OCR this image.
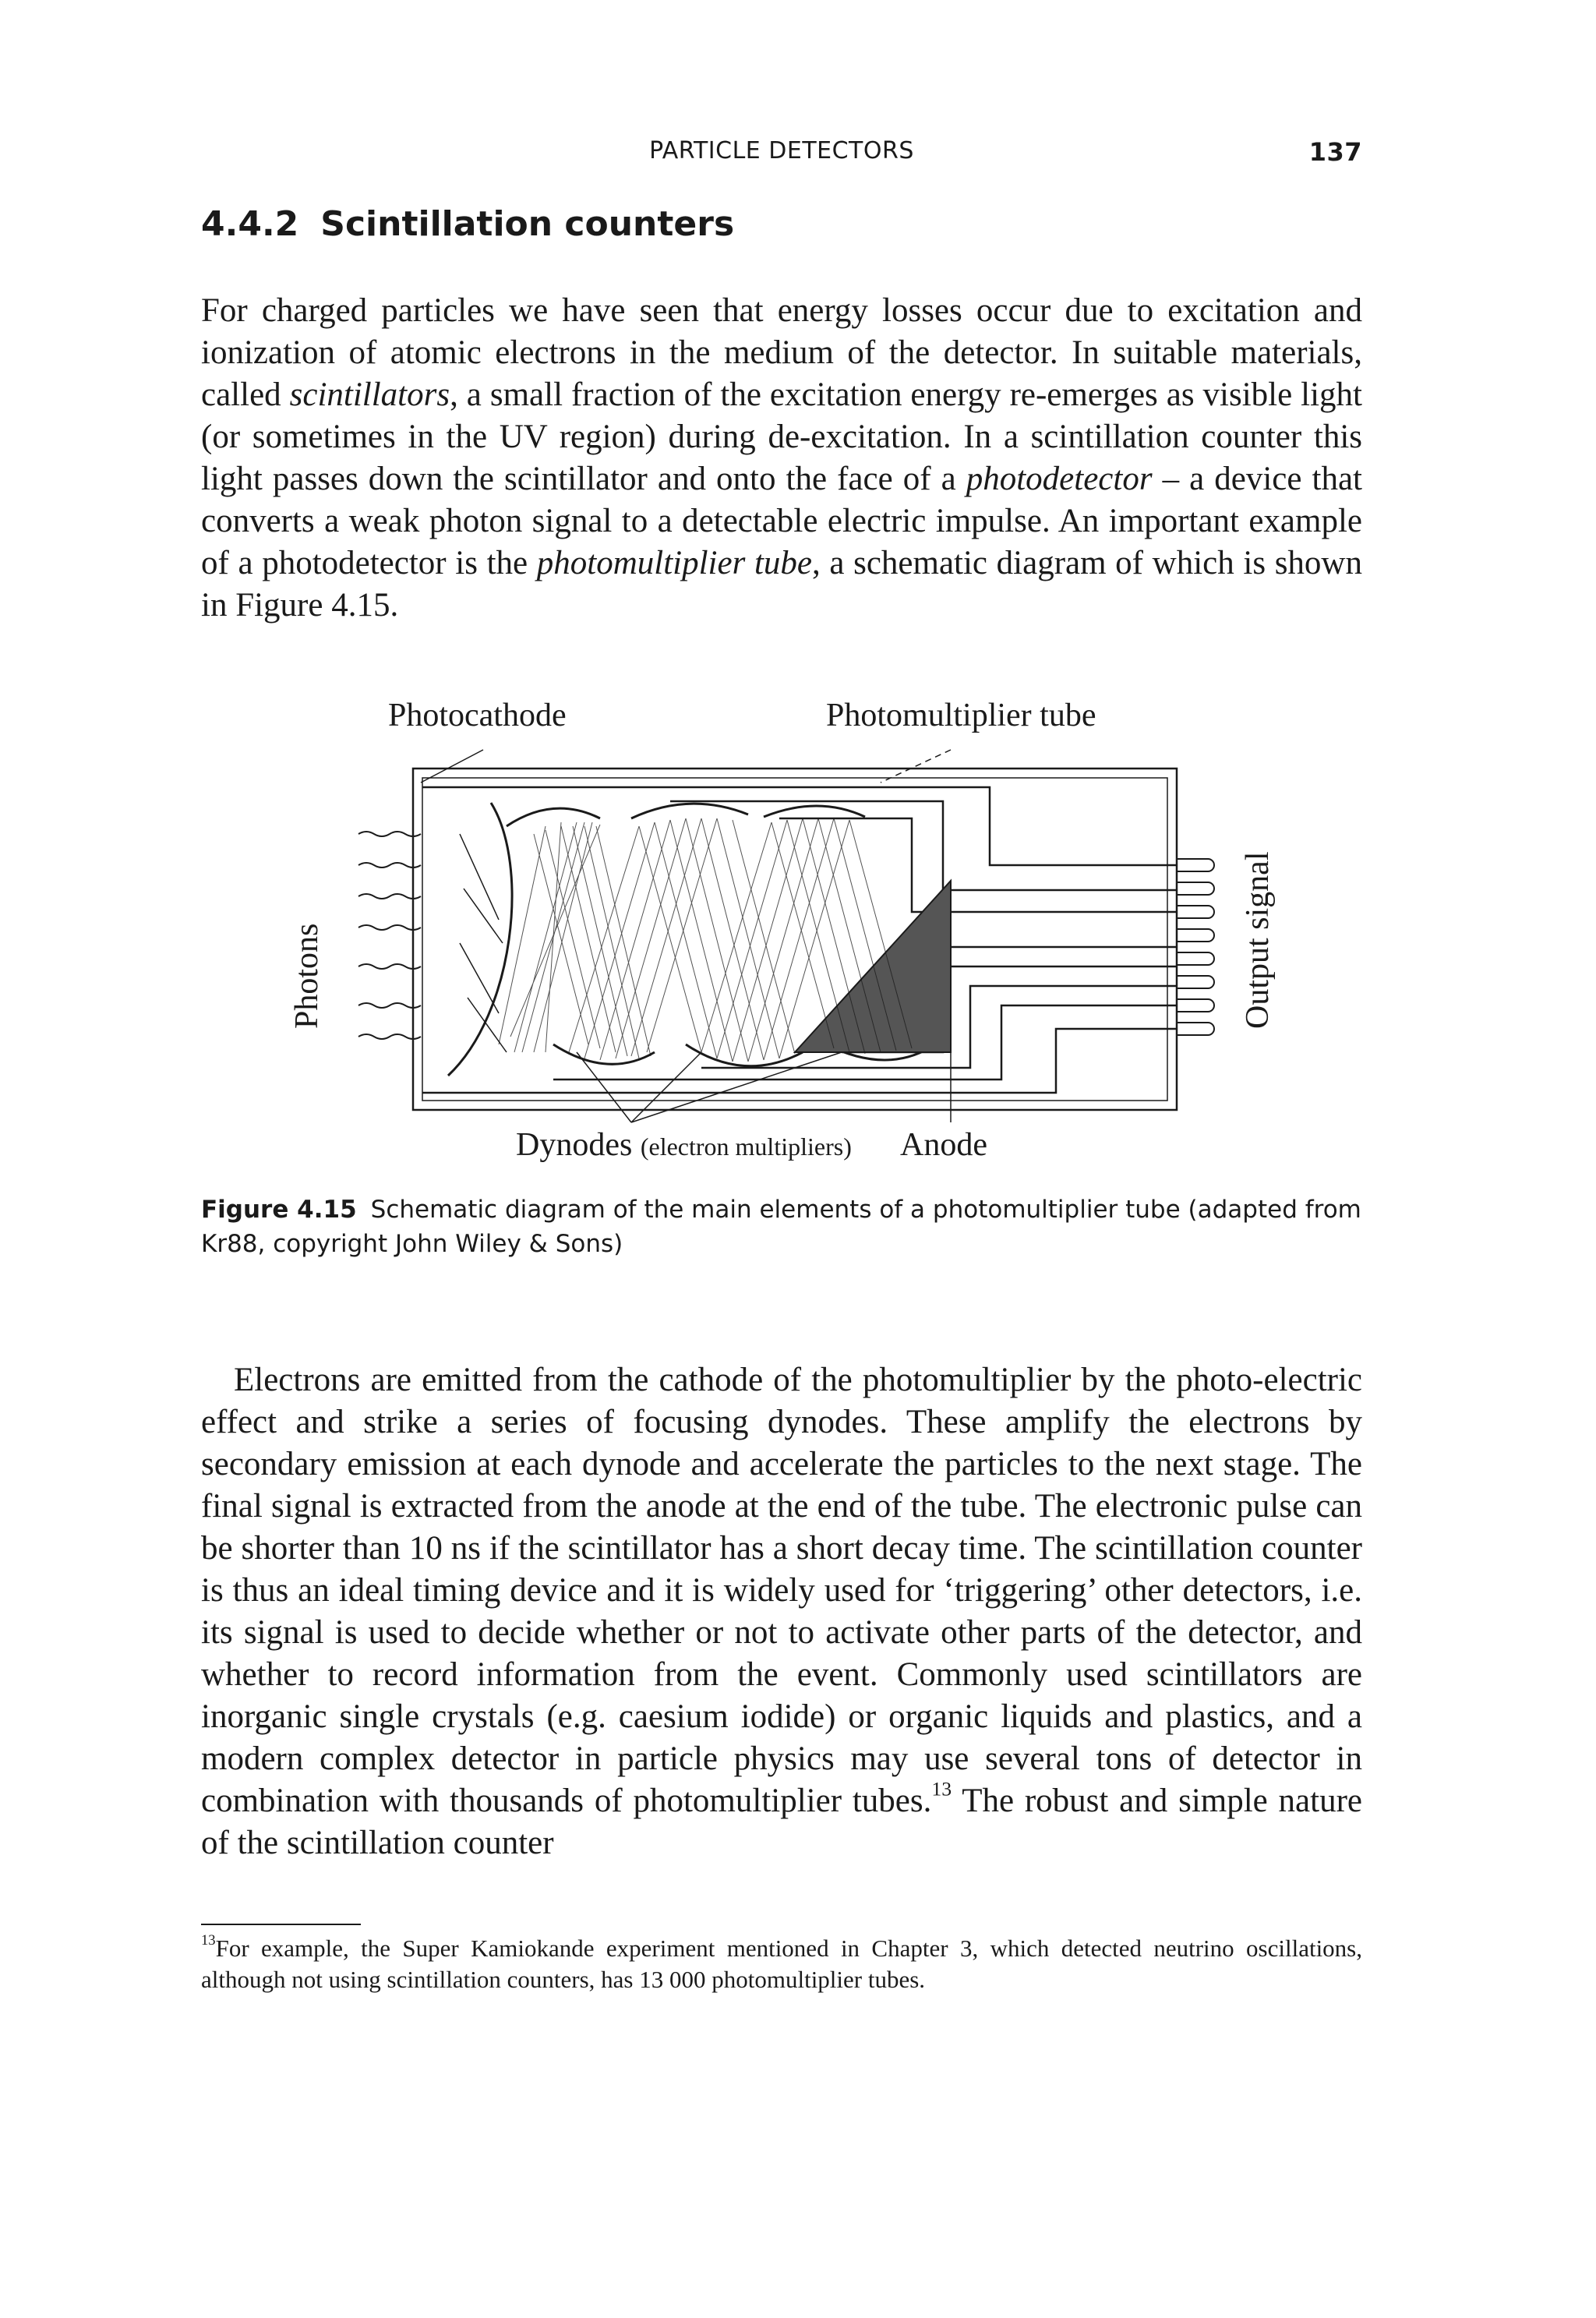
PARTICLE DETECTORS	137
4.4.2 Scintillation counters

For charged particles we have seen that energy losses occur due to excitation and ionization of atomic electrons in the medium of the detector. In suitable materials, called scintillators, a small fraction of the excitation energy re-emerges as visible light (or sometimes in the UV region) during de-excitation. In a scintillation counter this light passes down the scintillator and onto the face of a photodetector – a device that converts a weak photon signal to a detectable electric impulse. An important example of a photodetector is the photomultiplier tube, a schematic diagram of which is shown in Figure 4.15.

Photocathode	Photomultiplier tube
Photons	Output signal
Dynodes (electron multipliers) Anode

Figure 4.15 Schematic diagram of the main elements of a photomultiplier tube (adapted from Kr88, copyright John Wiley & Sons)

Electrons are emitted from the cathode of the photomultiplier by the photo-electric effect and strike a series of focusing dynodes. These amplify the electrons by secondary emission at each dynode and accelerate the particles to the next stage. The final signal is extracted from the anode at the end of the tube. The electronic pulse can be shorter than 10 ns if the scintillator has a short decay time. The scintillation counter is thus an ideal timing device and it is widely used for ‘triggering’ other detectors, i.e. its signal is used to decide whether or not to activate other parts of the detector, and whether to record information from the event. Commonly used scintillators are inorganic single crystals (e.g. caesium iodide) or organic liquids and plastics, and a modern complex detector in particle physics may use several tons of detector in combination with thousands of photomultiplier tubes.$^{13}$ The robust and simple nature of the scintillation counter

$^{13}$For example, the Super Kamiokande experiment mentioned in Chapter 3, which detected neutrino oscillations, although not using scintillation counters, has 13 000 photomultiplier tubes.
